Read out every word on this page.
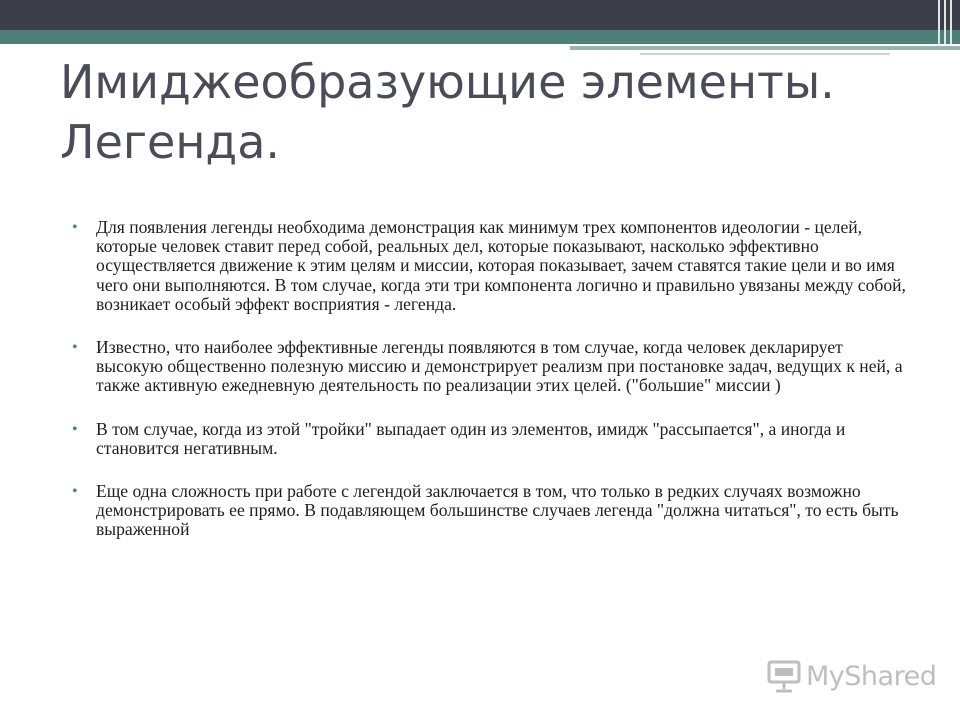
Имиджеобразующие элементы.
Легенда.
• Для появления легенды необходима демонстрация как минимум трех компонентов идеологии - целей, которые человек ставит перед собой, реальных дел, которые показывают, насколько эффективно осуществляется движение к этим целям и миссии, которая показывает, зачем ставятся такие цели и во имя чего они выполняются. В том случае, когда эти три компонента логично и правильно увязаны между собой, возникает особый эффект восприятия - легенда.
• Известно, что наиболее эффективные легенды появляются в том случае, когда человек декларирует высокую общественно полезную миссию и демонстрирует реализм при постановке задач, ведущих к ней, а также активную ежедневную деятельность по реализации этих целей. ("большие" миссии )
• В том случае, когда из этой "тройки" выпадает один из элементов, имидж "рассыпается", а иногда и становится негативным.
• Еще одна сложность при работе с легендой заключается в том, что только в редких случаях возможно демонстрировать ее прямо. В подавляющем большинстве случаев легенда "должна читаться", то есть быть выраженной
MyShared
